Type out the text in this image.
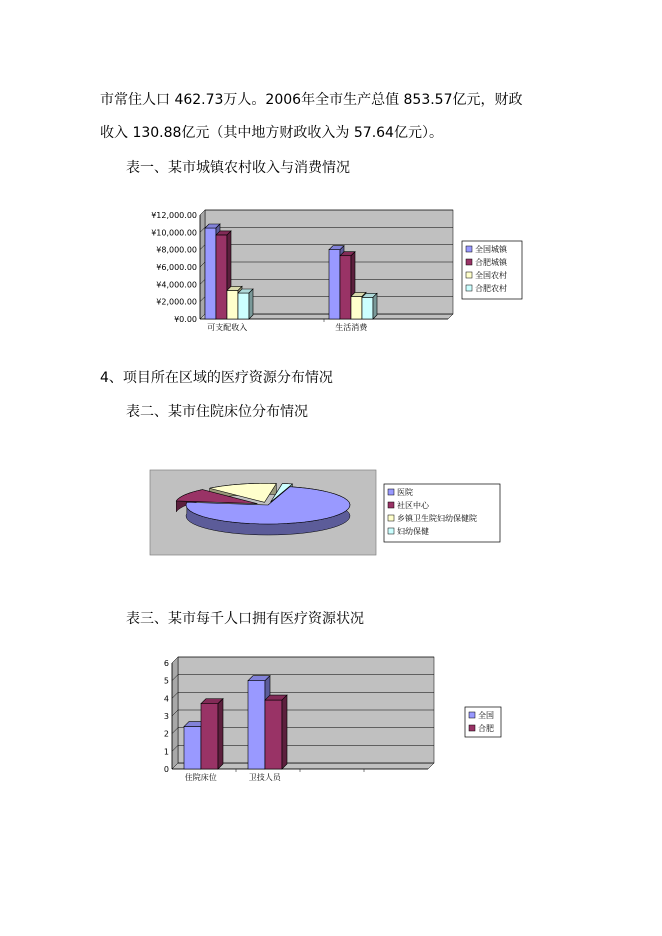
市常住人口 462.73万人。2006年全市生产总值 853.57亿元，财政
收入 130.88亿元（其中地方财政收入为 57.64亿元）。
表一、某市城镇农村收入与消费情况
¥0.00
¥2,000.00
¥4,000.00
¥6,000.00
¥8,000.00
¥10,000.00
¥12,000.00
可支配收入	生活消费
全国城镇
合肥城镇
全国农村
合肥农村
4、项目所在区域的医疗资源分布情况
表二、某市住院床位分布情况
医院
社区中心
乡镇卫生院妇幼保健院
妇幼保健
表三、某市每千人口拥有医疗资源状况
0
1
2
3
4
5
6
住院床位	卫技人员
全国
合肥
